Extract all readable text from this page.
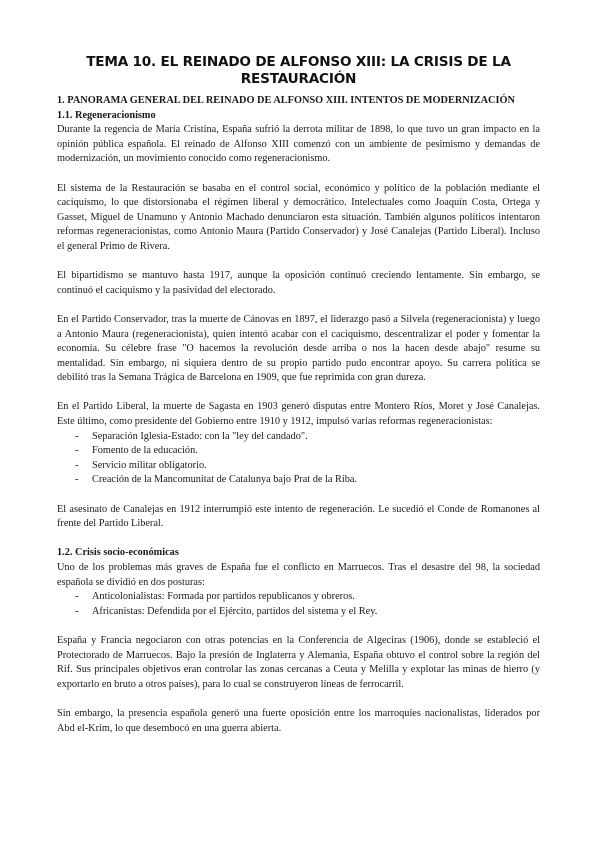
TEMA 10. EL REINADO DE ALFONSO XIII: LA CRISIS DE LA RESTAURACIÓN
1. PANORAMA GENERAL DEL REINADO DE ALFONSO XIII. INTENTOS DE MODERNIZACIÓN
1.1. Regeneracionismo

Durante la regencia de María Cristina, España sufrió la derrota militar de 1898, lo que tuvo un gran impacto en la opinión pública española. El reinado de Alfonso XIII comenzó con un ambiente de pesimismo y demandas de modernización, un movimiento conocido como regeneracionismo.

El sistema de la Restauración se basaba en el control social, económico y político de la población mediante el caciquismo, lo que distorsionaba el régimen liberal y democrático. Intelectuales como Joaquín Costa, Ortega y Gasset, Miguel de Unamuno y Antonio Machado denunciaron esta situación. También algunos políticos intentaron reformas regeneracionistas, como Antonio Maura (Partido Conservador) y José Canalejas (Partido Liberal). Incluso el general Primo de Rivera.

El bipartidismo se mantuvo hasta 1917, aunque la oposición continuó creciendo lentamente. Sin embargo, se continuó el caciquismo y la pasividad del electorado.

En el Partido Conservador, tras la muerte de Cánovas en 1897, el liderazgo pasó a Silvela (regeneracionista) y luego a Antonio Maura (regeneracionista), quien intentó acabar con el caciquismo, descentralizar el poder y fomentar la economía. Su célebre frase "O hacemos la revolución desde arriba o nos la hacen desde abajo" resume su mentalidad. Sin embargo, ni siquiera dentro de su propio partido pudo encontrar apoyo. Su carrera política se debilitó tras la Semana Trágica de Barcelona en 1909, que fue reprimida con gran dureza.

En el Partido Liberal, la muerte de Sagasta en 1903 generó disputas entre Montero Ríos, Moret y José Canalejas. Este último, como presidente del Gobierno entre 1910 y 1912, impulsó varias reformas regeneracionistas:

- Separación Iglesia-Estado: con la "ley del candado".
- Fomento de la educación.
- Servicio militar obligatorio.
- Creación de la Mancomunitat de Catalunya bajo Prat de la Riba.

El asesinato de Canalejas en 1912 interrumpió este intento de regeneración. Le sucedió el Conde de Romanones al frente del Partido Liberal.

1.2. Crisis socio-económicas

Uno de los problemas más graves de España fue el conflicto en Marruecos. Tras el desastre del 98, la sociedad española se dividió en dos posturas:

- Anticolonialistas: Formada por partidos republicanos y obreros.
- Africanistas: Defendida por el Ejército, partidos del sistema y el Rey.

España y Francia negociaron con otras potencias en la Conferencia de Algeciras (1906), donde se estableció el Protectorado de Marruecos. Bajo la presión de Inglaterra y Alemania, España obtuvo el control sobre la región del Rif. Sus principales objetivos eran controlar las zonas cercanas a Ceuta y Melilla y explotar las minas de hierro (y exportarlo en bruto a otros países), para lo cual se construyeron líneas de ferrocarril.

Sin embargo, la presencia española generó una fuerte oposición entre los marroquíes nacionalistas, liderados por Abd el-Krim, lo que desembocó en una guerra abierta.
